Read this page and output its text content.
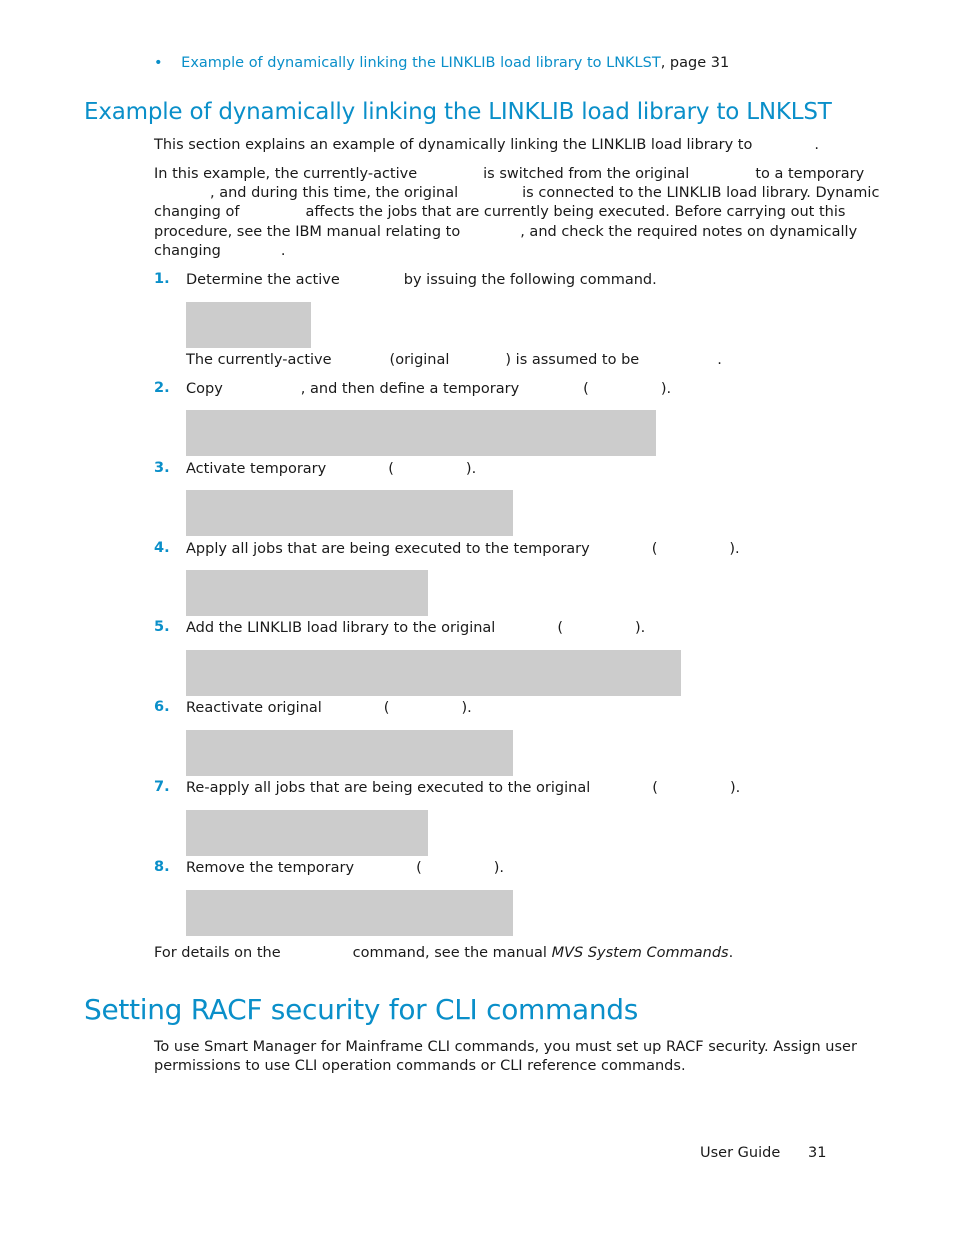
• Example of dynamically linking the LINKLIB load library to LNKLST, page 31
Example of dynamically linking the LINKLIB load library to LNKLST
This section explains an example of dynamically linking the LINKLIB load library to	.
In this example, the currently-active	is switched from the original	to a temporary
, and during this time, the original	is connected to the LINKLIB load library. Dynamic
changing of	affects the jobs that are currently being executed. Before carrying out this
procedure, see the IBM manual relating to	, and check the required notes on dynamically
changing	.
1. Determine the active	by issuing the following command.
The currently-active	(original	) is assumed to be	.
2. Copy	, and then define a temporary	(	).
3. Activate temporary	(	).
4. Apply all jobs that are being executed to the temporary	(	).
5. Add the LINKLIB load library to the original	(	).
6. Reactivate original	(	).
7. Re-apply all jobs that are being executed to the original	(	).
8. Remove the temporary	(	).
For details on the	command, see the manual MVS System Commands.
Setting RACF security for CLI commands
To use Smart Manager for Mainframe CLI commands, you must set up RACF security. Assign user
permissions to use CLI operation commands or CLI reference commands.
User Guide 31
